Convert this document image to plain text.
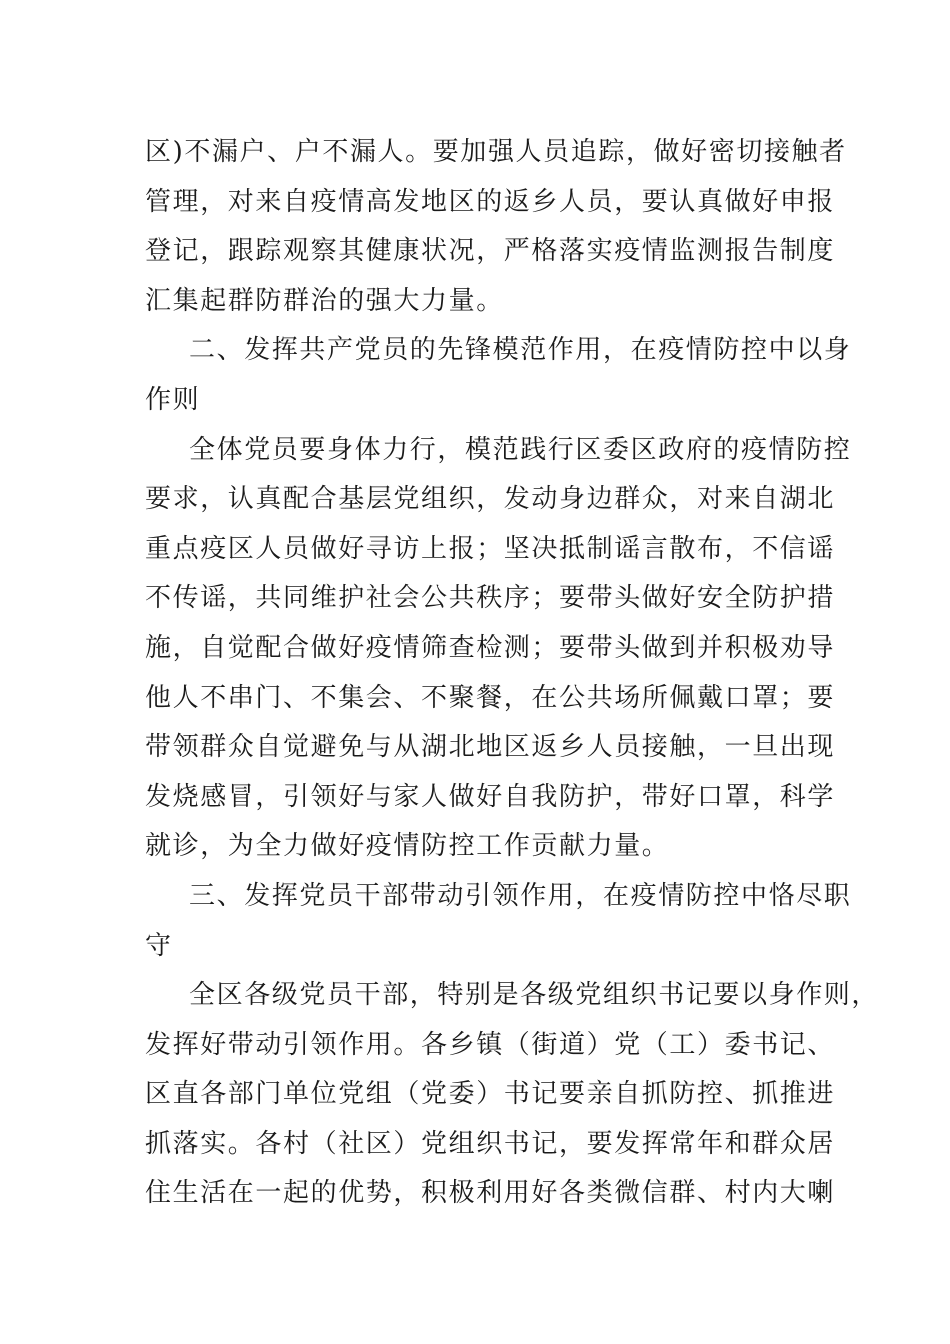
区)不漏户、户不漏人。要加强人员追踪，做好密切接触者
管理，对来自疫情高发地区的返乡人员，要认真做好申报
登记，跟踪观察其健康状况，严格落实疫情监测报告制度
汇集起群防群治的强大力量。
二、发挥共产党员的先锋模范作用，在疫情防控中以身
作则
全体党员要身体力行，模范践行区委区政府的疫情防控
要求，认真配合基层党组织，发动身边群众，对来自湖北
重点疫区人员做好寻访上报；坚决抵制谣言散布，不信谣
不传谣，共同维护社会公共秩序；要带头做好安全防护措
施，自觉配合做好疫情筛查检测；要带头做到并积极劝导
他人不串门、不集会、不聚餐，在公共场所佩戴口罩；要
带领群众自觉避免与从湖北地区返乡人员接触，一旦出现
发烧感冒，引领好与家人做好自我防护，带好口罩，科学
就诊，为全力做好疫情防控工作贡献力量。
三、发挥党员干部带动引领作用，在疫情防控中恪尽职
守
全区各级党员干部，特别是各级党组织书记要以身作则，
发挥好带动引领作用。各乡镇（街道）党（工）委书记、
区直各部门单位党组（党委）书记要亲自抓防控、抓推进
抓落实。各村（社区）党组织书记，要发挥常年和群众居
住生活在一起的优势，积极利用好各类微信群、村内大喇
